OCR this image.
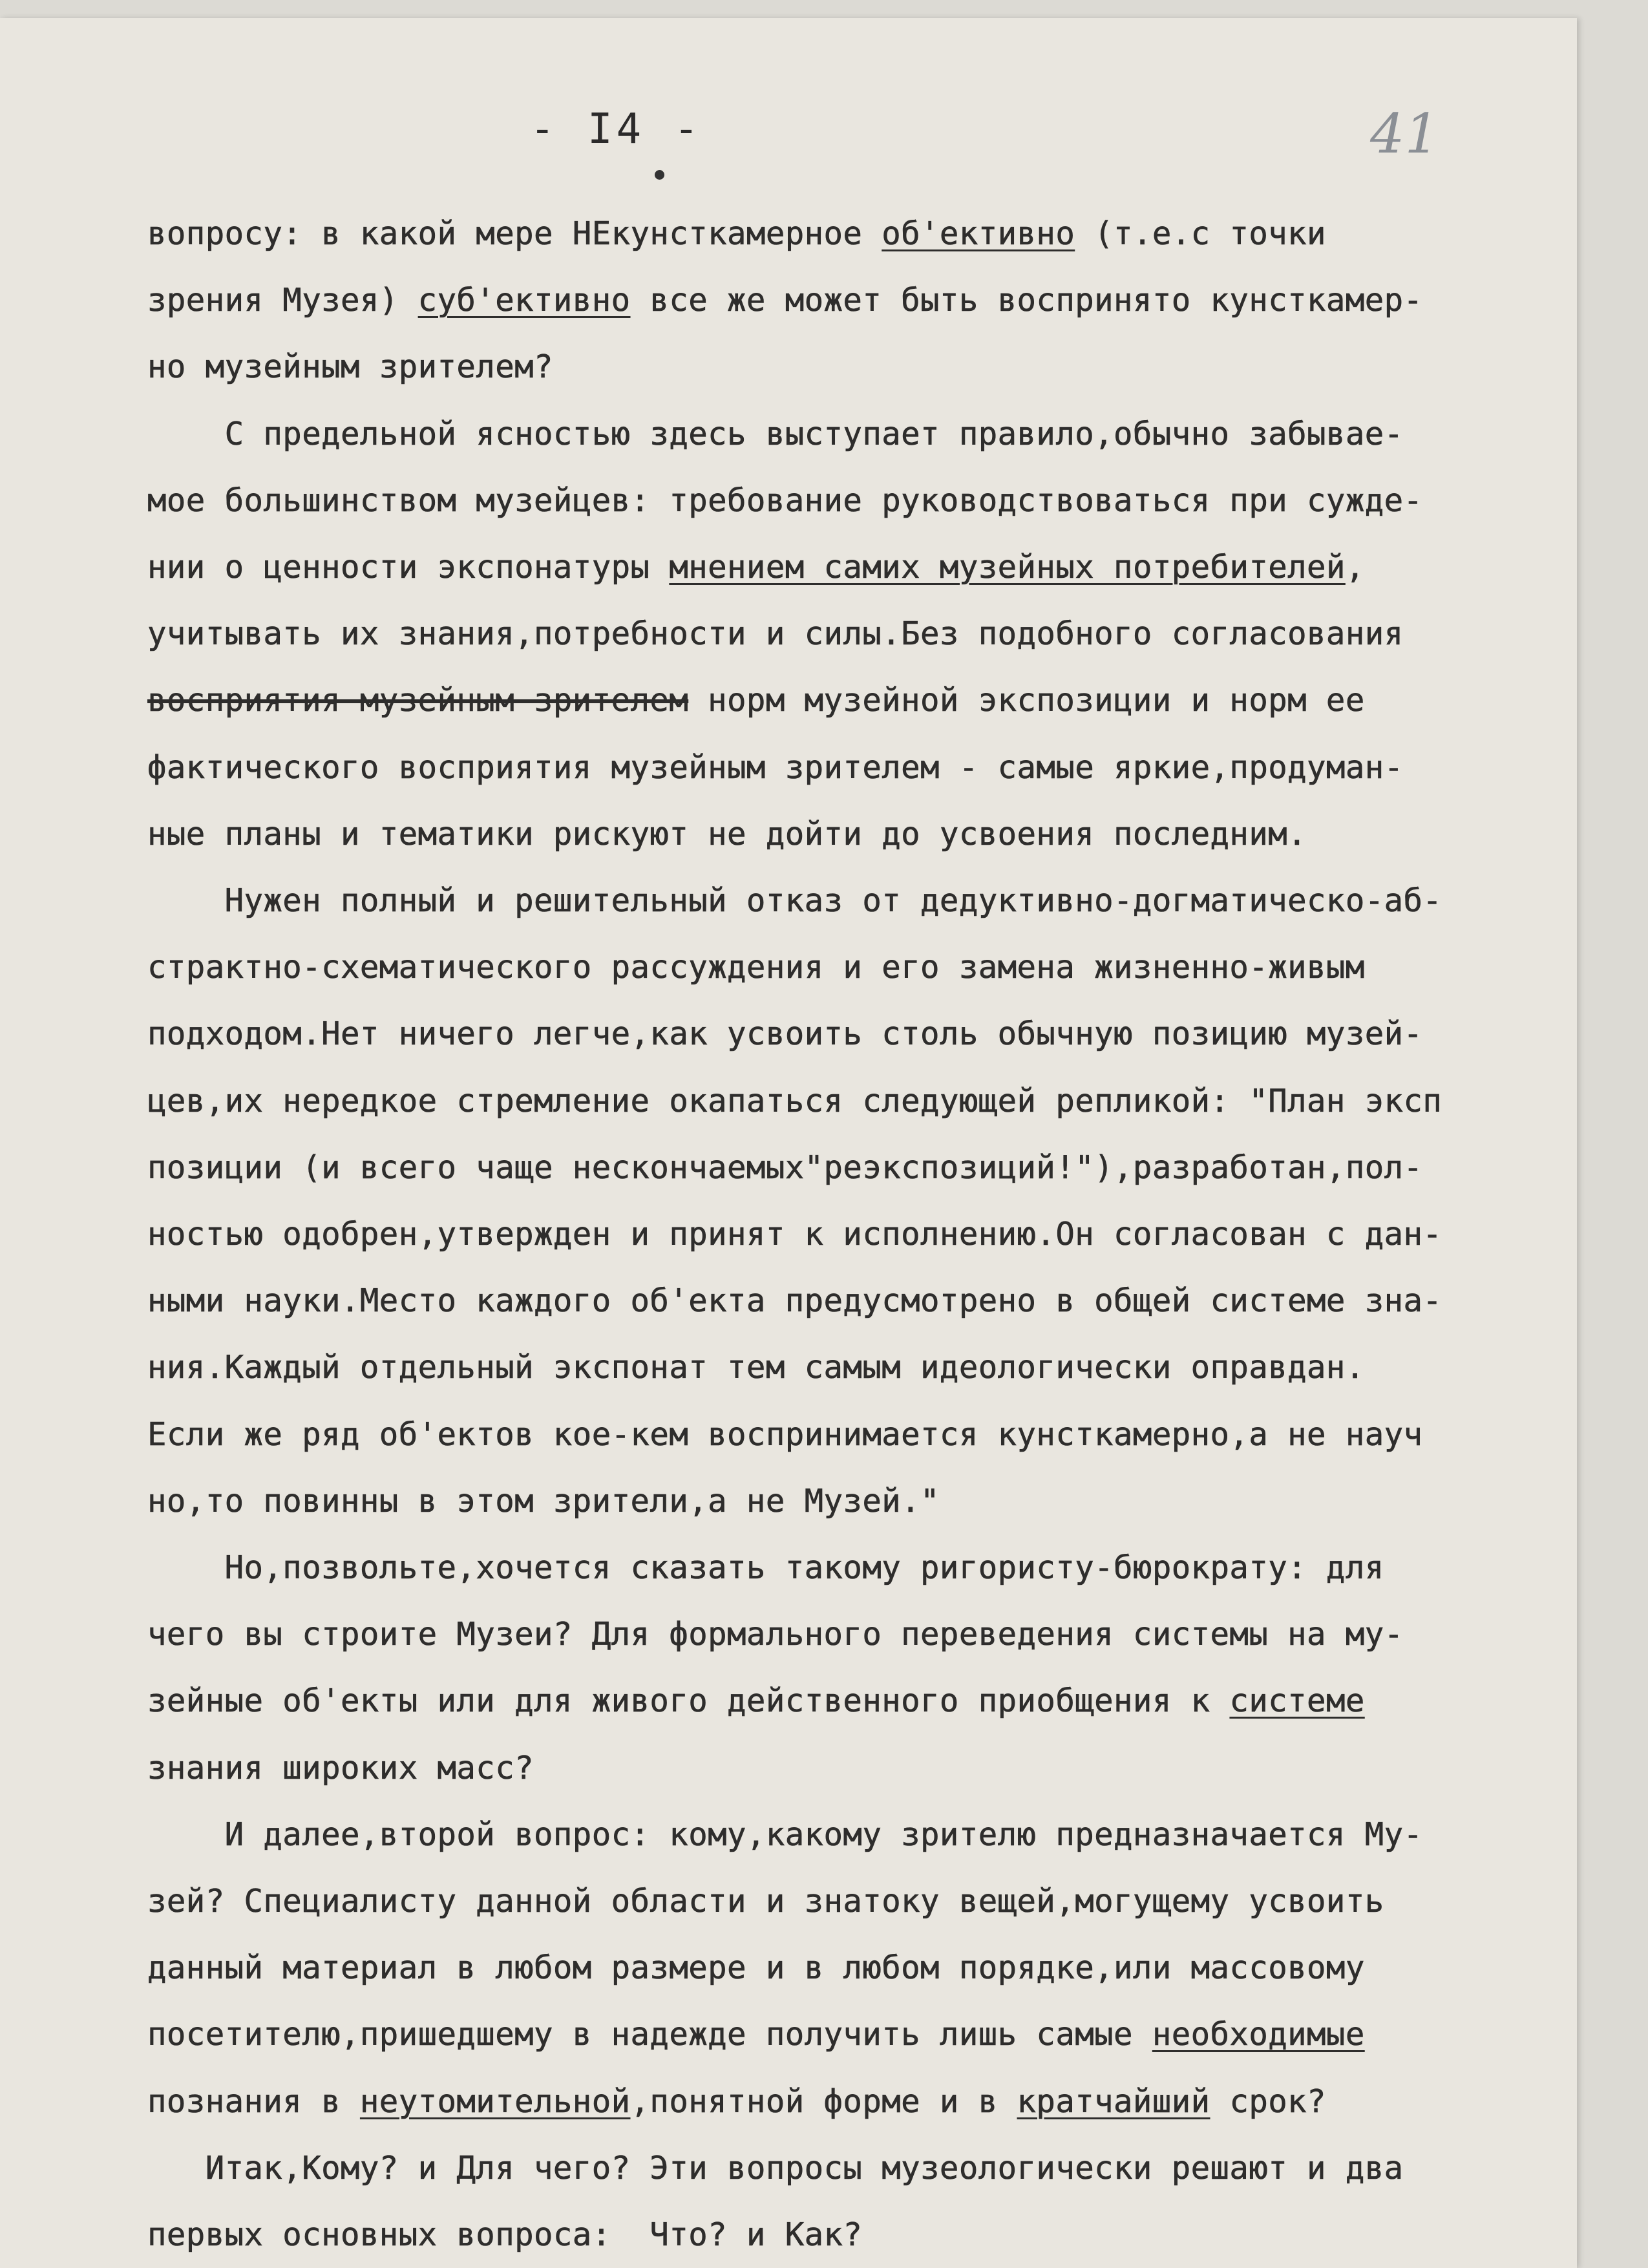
- I4 -	41
вопросу: в какой мере НЕкунсткамерное об'ективно (т.е.с точки
зрения Музея) суб'ективно все же может быть воспринято кунсткамер-
но музейным зрителем?
С предельной ясностью здесь выступает правило,обычно забывае-
мое большинством музейцев: требование руководствоваться при сужде-
нии о ценности экспонатуры мнением самих музейных потребителей,
учитывать их знания,потребности и силы.Без подобного согласования
восприятия музейным зрителем норм музейной экспозиции и норм ее
фактического восприятия музейным зрителем - самые яркие,продуман-
ные планы и тематики рискуют не дойти до усвоения последним.
Нужен полный и решительный отказ от дедуктивно-догматическо-аб-
страктно-схематического рассуждения и его замена жизненно-живым
подходом.Нет ничего легче,как усвоить столь обычную позицию музей-
цев,их нередкое стремление окапаться следующей репликой: "План эксп
позиции (и всего чаще нескончаемых"реэкспозиций!"),разработан,пол-
ностью одобрен,утвержден и принят к исполнению.Он согласован с дан-
ными науки.Место каждого об'екта предусмотрено в общей системе зна-
ния.Каждый отдельный экспонат тем самым идеологически оправдан.
Если же ряд об'ектов кое-кем воспринимается кунсткамерно,а не науч
но,то повинны в этом зрители,а не Музей."
Но,позвольте,хочется сказать такому ригористу-бюрократу: для
чего вы строите Музеи? Для формального переведения системы на му-
зейные об'екты или для живого действенного приобщения к системе
знания широких масс?
И далее,второй вопрос: кому,какому зрителю предназначается Му-
зей? Специалисту данной области и знатоку вещей,могущему усвоить
данный материал в любом размере и в любом порядке,или массовому
посетителю,пришедшему в надежде получить лишь самые необходимые
познания в неутомительной,понятной форме и в кратчайший срок?
Итак,Кому? и Для чего? Эти вопросы музеологически решают и два
первых основных вопроса:  Что? и Как?
